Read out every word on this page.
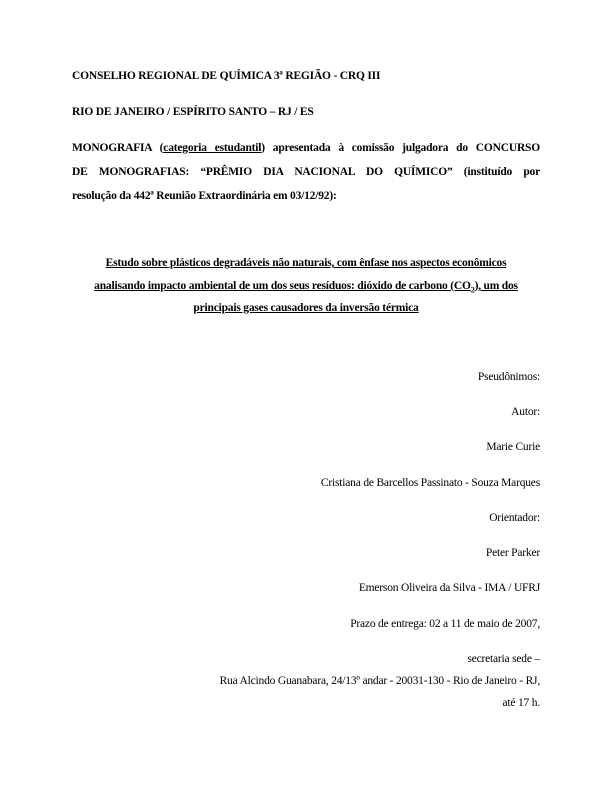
CONSELHO REGIONAL DE QUÍMICA 3ª REGIÃO - CRQ III
RIO DE JANEIRO / ESPÍRITO SANTO – RJ / ES
MONOGRAFIA (categoria estudantil) apresentada à comissão julgadora do CONCURSO
DE MONOGRAFIAS: “PRÊMIO DIA NACIONAL DO QUÍMICO” (instituído por
resolução da 442ª Reunião Extraordinária em 03/12/92):
Estudo sobre plásticos degradáveis não naturais, com ênfase nos aspectos econômicos
analisando impacto ambiental de um dos seus resíduos: dióxido de carbono $(CO_2)$, um dos
principais gases causadores da inversão térmica
Pseudônimos:
Autor:
Marie Curie
Cristiana de Barcellos Passinato - Souza Marques
Orientador:
Peter Parker
Emerson Oliveira da Silva - IMA / UFRJ
Prazo de entrega: 02 a 11 de maio de 2007,
secretaria sede –
Rua Alcindo Guanabara, 24/13º andar - 20031-130 - Rio de Janeiro - RJ,
até 17 h.
